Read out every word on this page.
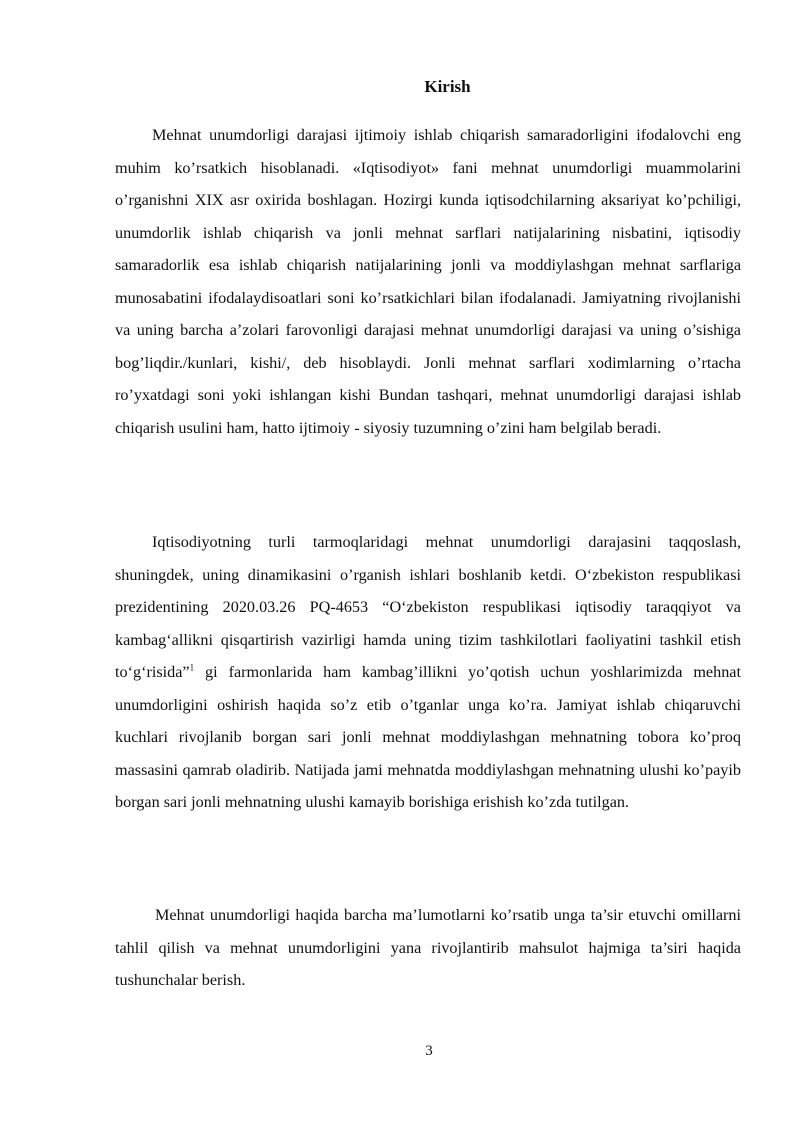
Kirish

Mehnat unumdorligi darajasi ijtimoiy ishlab chiqarish samaradorligini ifodalovchi eng muhim ko’rsatkich hisoblanadi. «Iqtisodiyot» fani mehnat unumdorligi muammolarini o’rganishni XIX asr oxirida boshlagan. Hozirgi kunda iqtisodchilarning aksariyat ko’pchiligi, unumdorlik ishlab chiqarish va jonli mehnat sarflari natijalarining nisbatini, iqtisodiy samaradorlik esa ishlab chiqarish natijalarining jonli va moddiylashgan mehnat sarflariga munosabatini ifodalaydisoatlari soni ko’rsatkichlari bilan ifodalanadi. Jamiyatning rivojlanishi va uning barcha a’zolari farovonligi darajasi mehnat unumdorligi darajasi va uning o’sishiga bog’liqdir./kunlari, kishi/, deb hisoblaydi. Jonli mehnat sarflari xodimlarning o’rtacha ro’yxatdagi soni yoki ishlangan kishi Bundan tashqari, mehnat unumdorligi darajasi ishlab chiqarish usulini ham, hatto ijtimoiy - siyosiy tuzumning o’zini ham belgilab beradi.

Iqtisodiyotning turli tarmoqlaridagi mehnat unumdorligi darajasini taqqoslash, shuningdek, uning dinamikasini o’rganish ishlari boshlanib ketdi. O‘zbekiston respublikasi prezidentining 2020.03.26 PQ-4653 “O‘zbekiston respublikasi iqtisodiy taraqqiyot va kambag‘allikni qisqartirish vazirligi hamda uning tizim tashkilotlari faoliyatini tashkil etish to‘g‘risida”$^1$ gi farmonlarida ham kambag’illikni yo’qotish uchun yoshlarimizda mehnat unumdorligini oshirish haqida so’z etib o’tganlar unga ko’ra. Jamiyat ishlab chiqaruvchi kuchlari rivojlanib borgan sari jonli mehnat moddiylashgan mehnatning tobora ko’proq massasini qamrab oladirib. Natijada jami mehnatda moddiylashgan mehnatning ulushi ko’payib borgan sari jonli mehnatning ulushi kamayib borishiga erishish ko’zda tutilgan.

Mehnat unumdorligi haqida barcha ma’lumotlarni ko’rsatib unga ta’sir etuvchi omillarni tahlil qilish va mehnat unumdorligini yana rivojlantirib mahsulot hajmiga ta’siri haqida tushunchalar berish.

3
